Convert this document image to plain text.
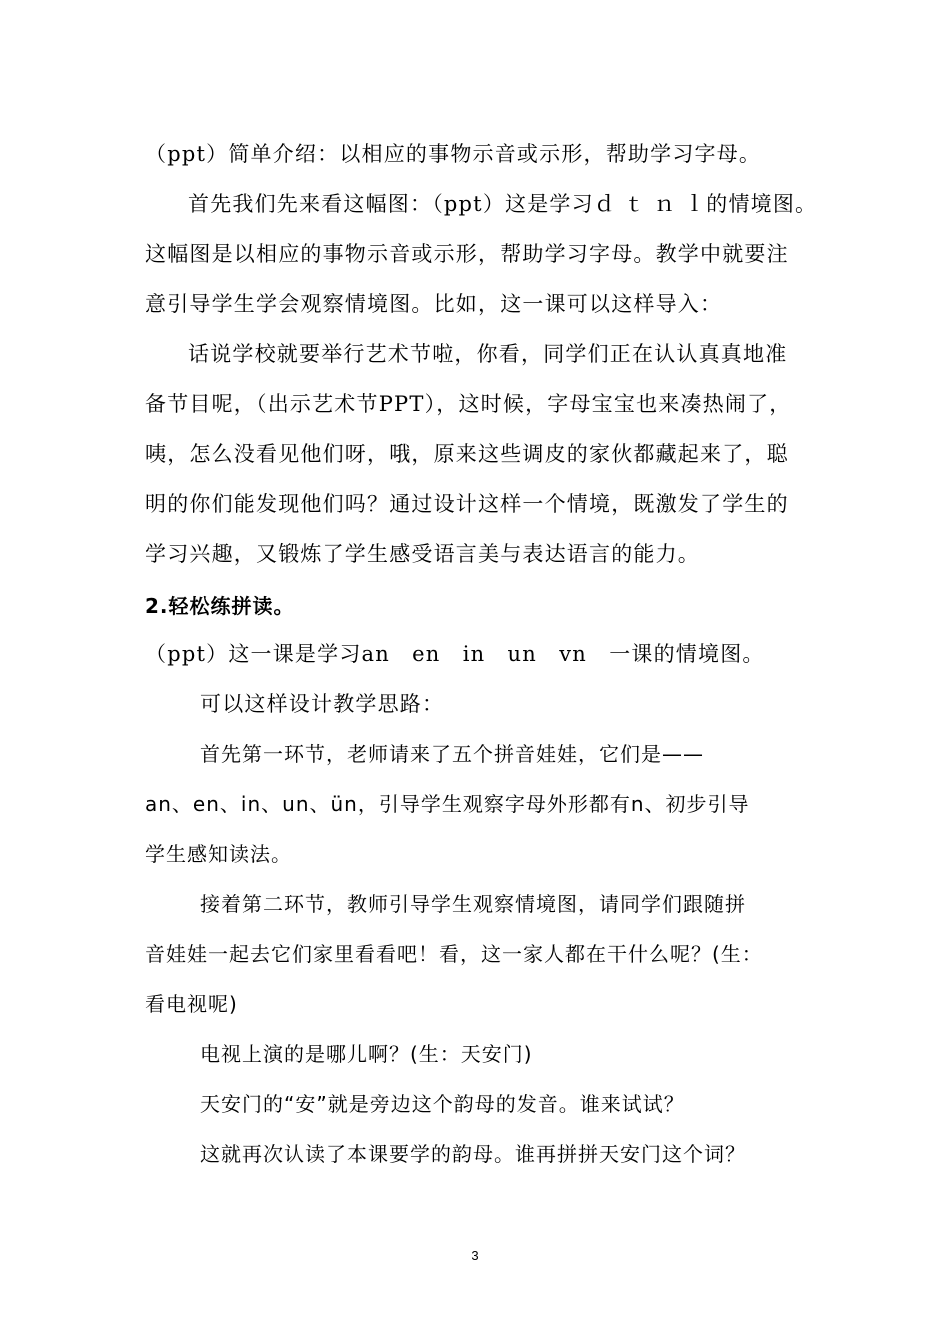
（ppt）简单介绍：以相应的事物示音或示形，帮助学习字母。
首先我们先来看这幅图：（ppt）这是学习ｄ ｔ ｎ ｌ的情境图。
这幅图是以相应的事物示音或示形，帮助学习字母。教学中就要注
意引导学生学会观察情境图。比如，这一课可以这样导入：
话说学校就要举行艺术节啦，你看，同学们正在认认真真地准
备节目呢，（出示艺术节PPT），这时候，字母宝宝也来凑热闹了，
咦，怎么没看见他们呀，哦，原来这些调皮的家伙都藏起来了，聪
明的你们能发现他们吗？通过设计这样一个情境，既激发了学生的
学习兴趣，又锻炼了学生感受语言美与表达语言的能力。
2.轻松练拼读。
（ppt）这一课是学习an　en　in　un　vn　一课的情境图。
可以这样设计教学思路：
首先第一环节，老师请来了五个拼音娃娃，它们是——
an、en、in、un、ün，引导学生观察字母外形都有n、初步引导
学生感知读法。
接着第二环节，教师引导学生观察情境图，请同学们跟随拼
音娃娃一起去它们家里看看吧！看，这一家人都在干什么呢？(生：
看电视呢)
电视上演的是哪儿啊？(生：天安门)
天安门的“安”就是旁边这个韵母的发音。谁来试试？
这就再次认读了本课要学的韵母。谁再拼拼天安门这个词？
3
